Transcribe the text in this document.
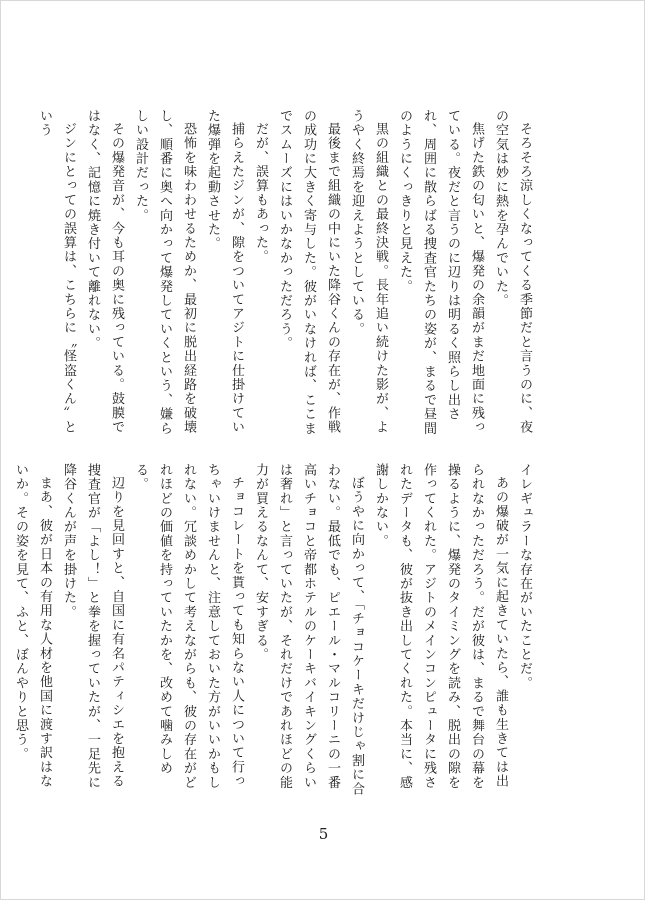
そろそろ涼しくなってくる季節だと言うのに、夜の空気は妙に熱を孕んでいた。

焦げた鉄の匂いと、爆発の余韻がまだ地面に残っている。夜だと言うのに辺りは明るく照らし出され、周囲に散らばる捜査官たちの姿が、まるで昼間のようにくっきりと見えた。

黒の組織との最終決戦。長年追い続けた影が、ようやく終焉を迎えようとしている。

最後まで組織の中にいた降谷くんの存在が、作戦の成功に大きく寄与した。彼がいなければ、ここまでスムーズにはいかなかっただろう。

だが、誤算もあった。

捕らえたジンが、隙をついてアジトに仕掛けていた爆弾を起動させた。

恐怖を味わわせるためか、最初に脱出経路を破壊し、順番に奥へ向かって爆発していくという、嫌らしい設計だった。

その爆発音が、今も耳の奥に残っている。鼓膜ではなく、記憶に焼き付いて離れない。

ジンにとっての誤算は、こちらに〝怪盗くん〟という

イレギュラーな存在がいたことだ。

あの爆破が一気に起きていたら、誰も生きては出られなかっただろう。だが彼は、まるで舞台の幕を操るように、爆発のタイミングを読み、脱出の隙を作ってくれた。アジトのメインコンピュータに残されたデータも、彼が抜き出してくれた。本当に、感謝しかない。

ぼうやに向かって、「チョコケーキだけじゃ割に合わない。最低でも、ピエール・マルコリーニの一番高いチョコと帝都ホテルのケーキバイキングくらいは奢れ」と言っていたが、それだけであれほどの能力が買えるなんて、安すぎる。

チョコレートを貰っても知らない人について行っちゃいけませんと、注意しておいた方がいいかもしれない。冗談めかして考えながらも、彼の存在がどれほどの価値を持っていたかを、改めて噛みしめる。

辺りを見回すと、自国に有名パティシエを抱える捜査官が「よし！」と拳を握っていたが、一足先に降谷くんが声を掛けた。

まあ、彼が日本の有用な人材を他国に渡す訳はないか。その姿を見て、ふと、ぼんやりと思う。

5
